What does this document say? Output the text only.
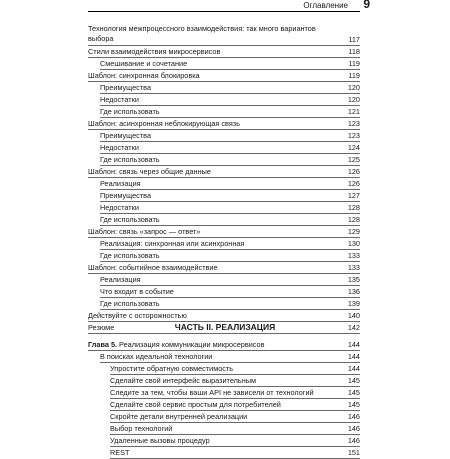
Оглавление 9
Технология межпроцессного взаимодействия: так много вариантов выбора	117
Стили взаимодействия микросервисов	118
Смешивание и сочетание	119
Шаблон: синхронная блокировка	119
Преимущества	120
Недостатки	120
Где использовать	121
Шаблон: асинхронная неблокирующая связь	123
Преимущества	123
Недостатки	124
Где использовать	125
Шаблон: связь через общие данные	126
Реализация	126
Преимущества	127
Недостатки	128
Где использовать	128
Шаблон: связь «запрос — ответ»	129
Реализация: синхронная или асинхронная	130
Где использовать	133
Шаблон: событийное взаимодействие	133
Реализация	135
Что входит в событие	136
Где использовать	139
Действуйте с осторожностью	140
Резюме	142
ЧАСТЬ II. РЕАЛИЗАЦИЯ
Глава 5. Реализация коммуникации микросервисов	144
В поисках идеальной технологии	144
Упростите обратную совместимость	144
Сделайте свой интерфейс выразительным	145
Следите за тем, чтобы ваши API не зависели от технологий	145
Сделайте свой сервис простым для потребителей	145
Скройте детали внутренней реализации	146
Выбор технологий	146
Удаленные вызовы процедур	146
REST	151
